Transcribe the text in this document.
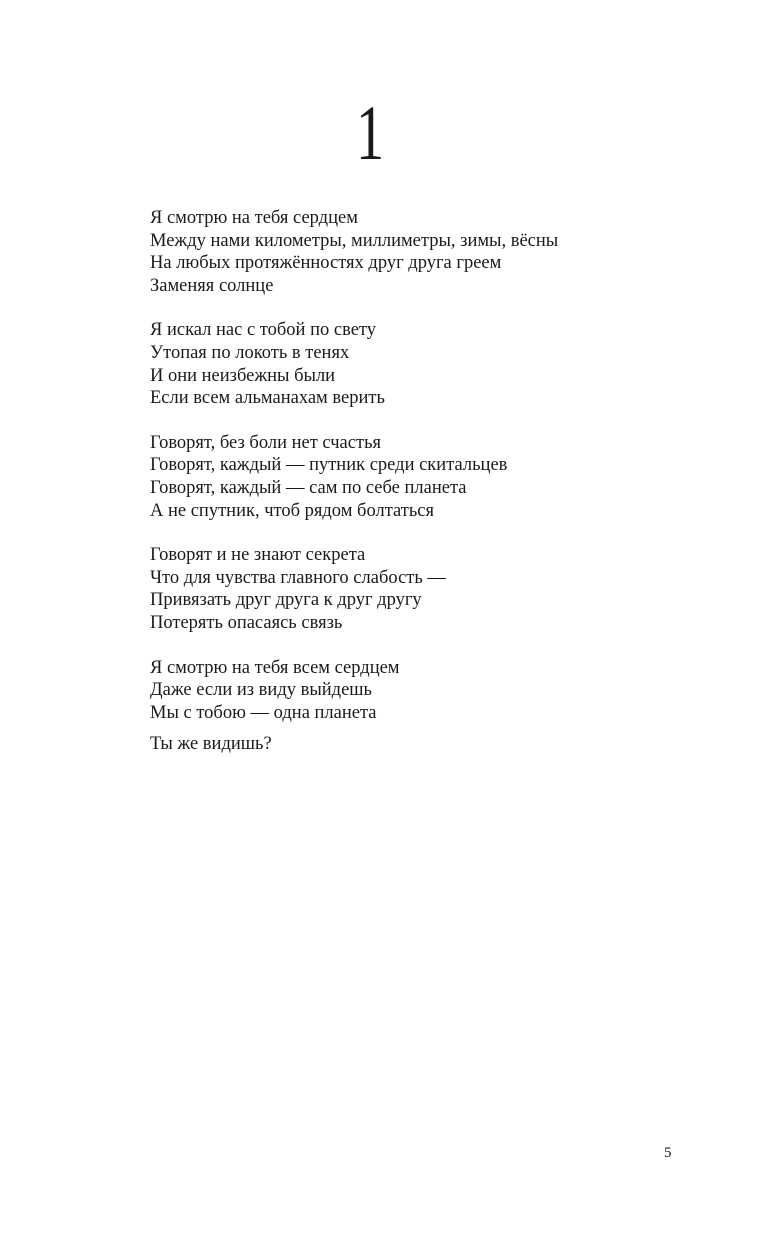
1
Я смотрю на тебя сердцем
Между нами километры, миллиметры, зимы, вёсны
На любых протяжённостях друг друга греем
Заменяя солнце
Я искал нас с тобой по свету
Утопая по локоть в тенях
И они неизбежны были
Если всем альманахам верить
Говорят, без боли нет счастья
Говорят, каждый — путник среди скитальцев
Говорят, каждый — сам по себе планета
А не спутник, чтоб рядом болтаться
Говорят и не знают секрета
Что для чувства главного слабость —
Привязать друг друга к друг другу
Потерять опасаясь связь
Я смотрю на тебя всем сердцем
Даже если из виду выйдешь
Мы с тобою — одна планета
Ты же видишь?
5
